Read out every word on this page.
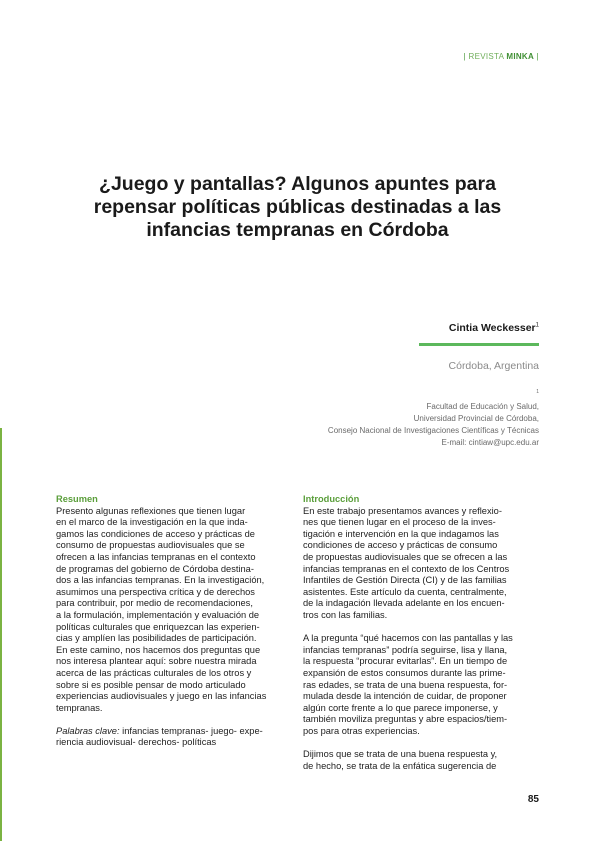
| REVISTA MINKA |
¿Juego y pantallas? Algunos apuntes para
repensar políticas públicas destinadas a las
infancias tempranas en Córdoba
Cintia Weckesser$^1$
Córdoba, Argentina
$^1$
Facultad de Educación y Salud,
Universidad Provincial de Córdoba,
Consejo Nacional de Investigaciones Científicas y Técnicas
E-mail: cintiaw@upc.edu.ar
Resumen
Presento algunas reflexiones que tienen lugar
en el marco de la investigación en la que inda-
gamos las condiciones de acceso y prácticas de
consumo de propuestas audiovisuales que se
ofrecen a las infancias tempranas en el contexto
de programas del gobierno de Córdoba destina-
dos a las infancias tempranas. En la investigación,
asumimos una perspectiva crítica y de derechos
para contribuir, por medio de recomendaciones,
a la formulación, implementación y evaluación de
políticas culturales que enriquezcan las experien-
cias y amplíen las posibilidades de participación.
En este camino, nos hacemos dos preguntas que
nos interesa plantear aquí: sobre nuestra mirada
acerca de las prácticas culturales de los otros y
sobre si es posible pensar de modo articulado
experiencias audiovisuales y juego en las infancias
tempranas.
Palabras clave: infancias tempranas- juego- expe-
riencia audiovisual- derechos- políticas
Introducción
En este trabajo presentamos avances y reflexio-
nes que tienen lugar en el proceso de la inves-
tigación e intervención en la que indagamos las
condiciones de acceso y prácticas de consumo
de propuestas audiovisuales que se ofrecen a las
infancias tempranas en el contexto de los Centros
Infantiles de Gestión Directa (CI) y de las familias
asistentes. Este artículo da cuenta, centralmente,
de la indagación llevada adelante en los encuen-
tros con las familias.
A la pregunta “qué hacemos con las pantallas y las
infancias tempranas” podría seguirse, lisa y llana,
la respuesta “procurar evitarlas”. En un tiempo de
expansión de estos consumos durante las prime-
ras edades, se trata de una buena respuesta, for-
mulada desde la intención de cuidar, de proponer
algún corte frente a lo que parece imponerse, y
también moviliza preguntas y abre espacios/tiem-
pos para otras experiencias.
Dijimos que se trata de una buena respuesta y,
de hecho, se trata de la enfática sugerencia de
85
